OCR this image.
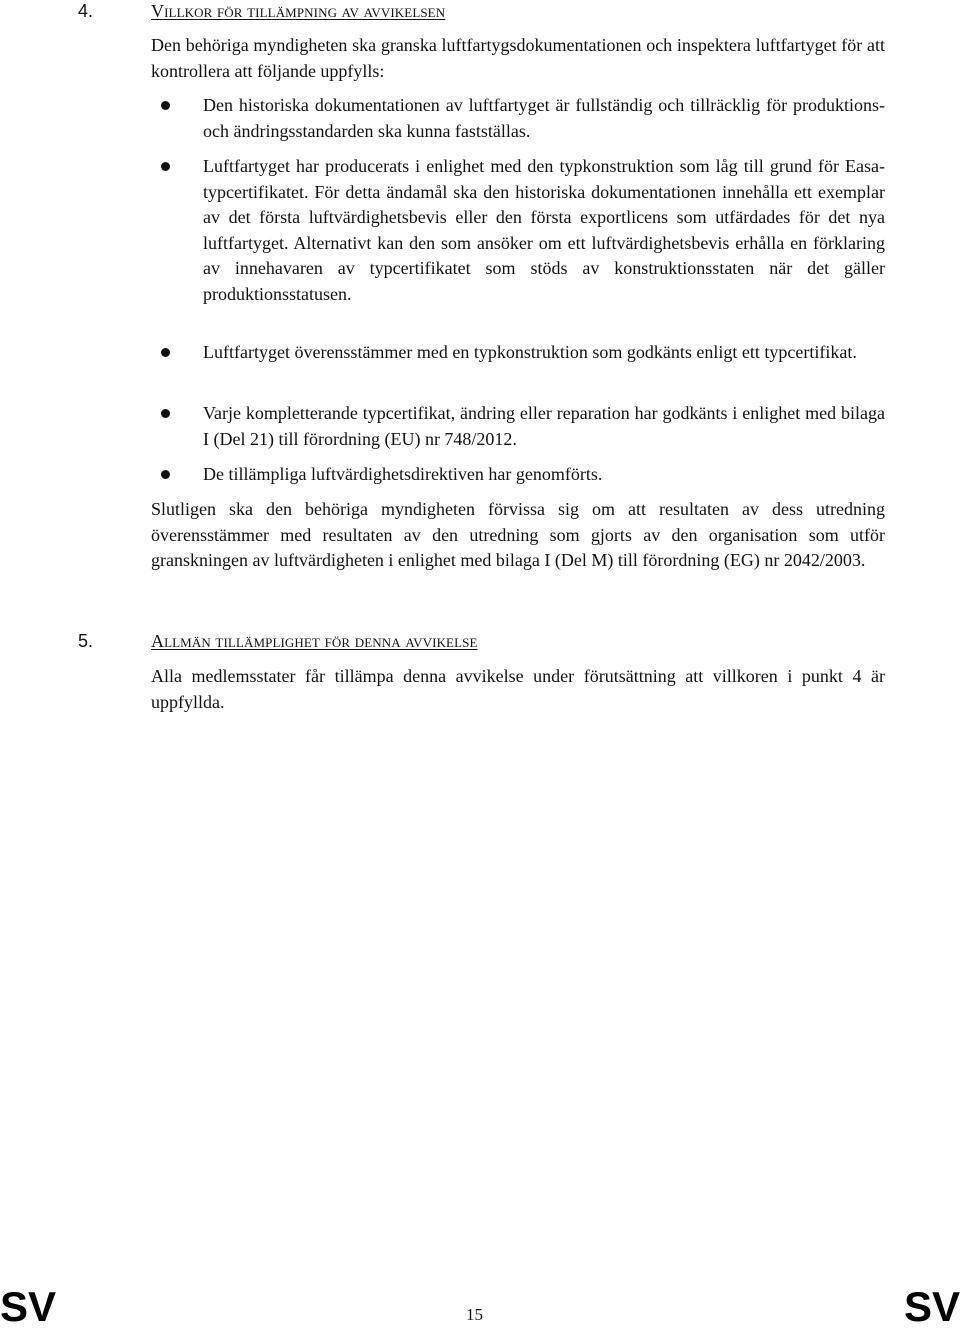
4.	Villkor för tillämpning av avvikelsen
Den behöriga myndigheten ska granska luftfartygsdokumentationen och inspektera luftfartyget för att kontrollera att följande uppfylls:
Den historiska dokumentationen av luftfartyget är fullständig och tillräcklig för produktions- och ändringsstandarden ska kunna fastställas.
Luftfartyget har producerats i enlighet med den typkonstruktion som låg till grund för Easa-typcertifikatet. För detta ändamål ska den historiska dokumentationen innehålla ett exemplar av det första luftvärdighetsbevis eller den första exportlicens som utfärdades för det nya luftfartyget. Alternativt kan den som ansöker om ett luftvärdighetsbevis erhålla en förklaring av innehavaren av typcertifikatet som stöds av konstruktionsstaten när det gäller produktionsstatusen.
Luftfartyget överensstämmer med en typkonstruktion som godkänts enligt ett typcertifikat.
Varje kompletterande typcertifikat, ändring eller reparation har godkänts i enlighet med bilaga I (Del 21) till förordning (EU) nr 748/2012.
De tillämpliga luftvärdighetsdirektiven har genomförts.
Slutligen ska den behöriga myndigheten förvissa sig om att resultaten av dess utredning överensstämmer med resultaten av den utredning som gjorts av den organisation som utför granskningen av luftvärdigheten i enlighet med bilaga I (Del M) till förordning (EG) nr 2042/2003.
5.	Allmän tillämplighet för denna avvikelse
Alla medlemsstater får tillämpa denna avvikelse under förutsättning att villkoren i punkt 4 är uppfyllda.
SV	15	SV
